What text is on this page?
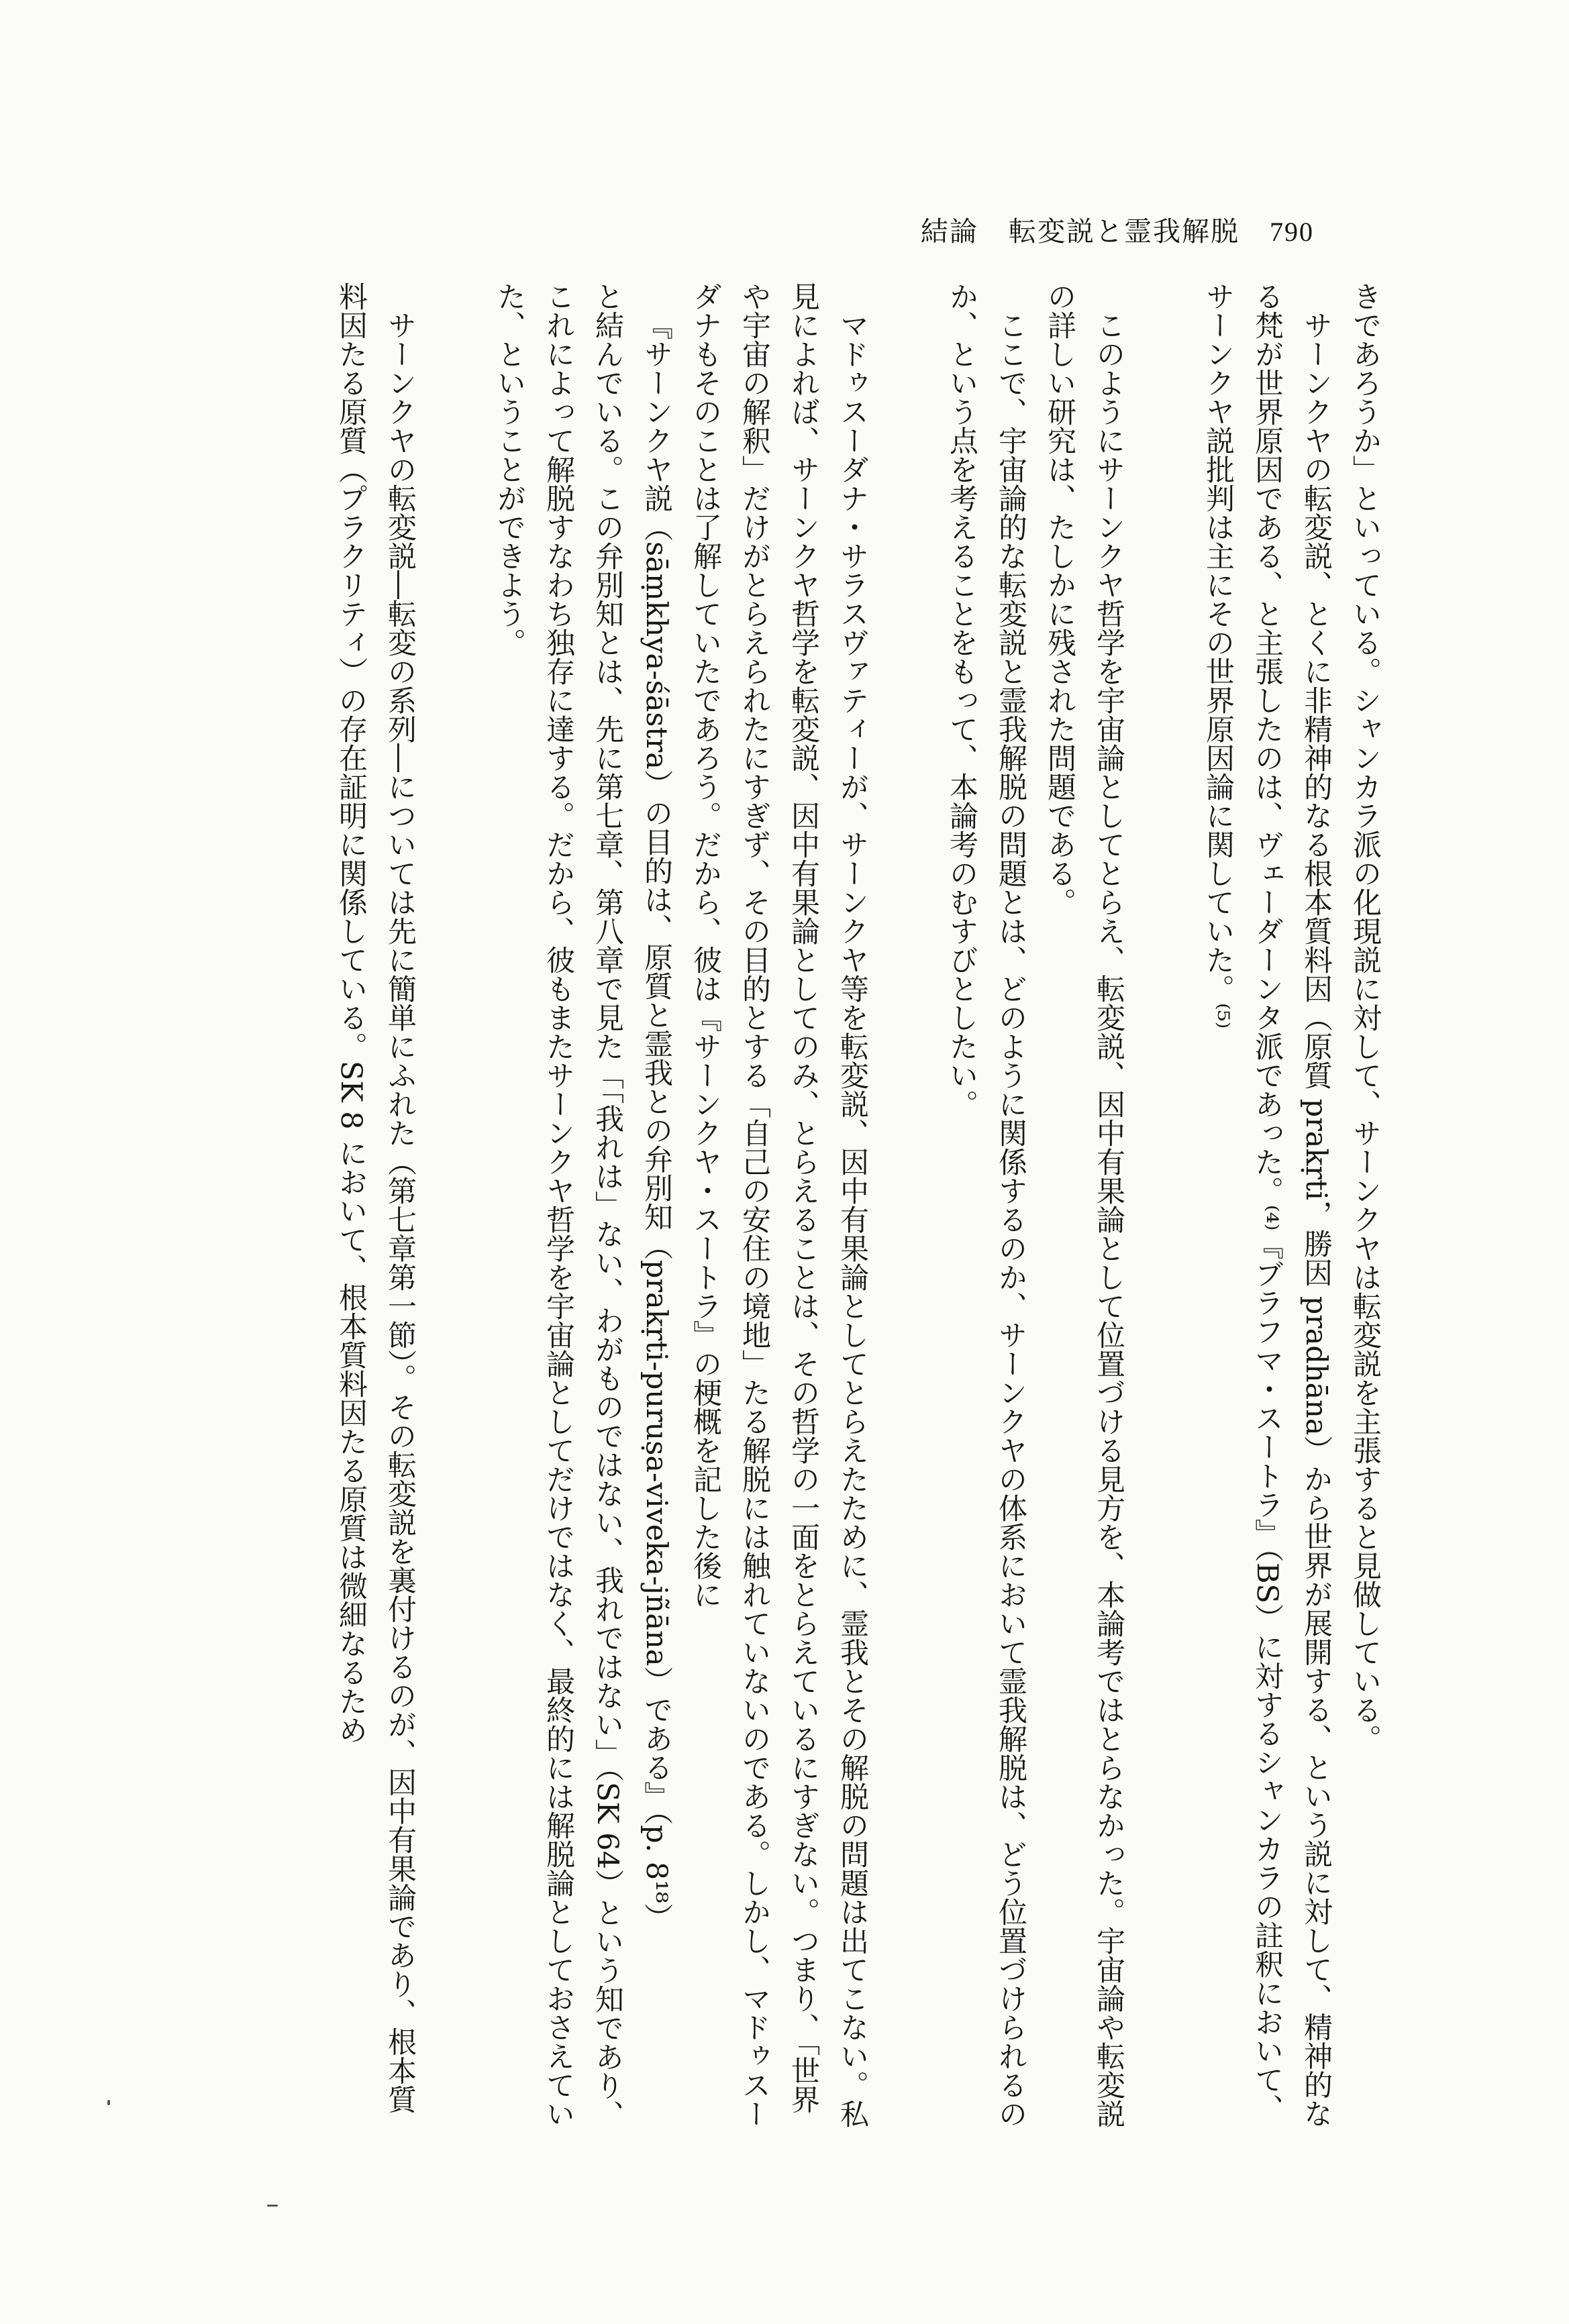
結論 転変説と霊我解脱 790

きであろうか」といっている。シャンカラ派の化現説に対して、サーンクヤは転変説を主張すると見做している。

サーンクヤの転変説、とくに非精神的なる根本質料因（原質 prakṛti，勝因 pradhāna）から世界が展開する、という説に対して、精神的なる梵が世界原因である、と主張したのは、ヴェーダーンタ派であった。⁽⁴⁾『ブラフマ・スートラ』（BS）に対するシャンカラの註釈において、サーンクヤ説批判は主にその世界原因論に関していた。⁽⁵⁾

このようにサーンクヤ哲学を宇宙論としてとらえ、転変説、因中有果論として位置づける見方を、本論考ではとらなかった。宇宙論や転変説の詳しい研究は、たしかに残された問題である。

ここで、宇宙論的な転変説と霊我解脱の問題とは、どのように関係するのか、サーンクヤの体系において霊我解脱は、どう位置づけられるのか、という点を考えることをもって、本論考のむすびとしたい。

マドゥスーダナ・サラスヴァティーが、サーンクヤ等を転変説、因中有果論としてとらえたために、霊我とその解脱の問題は出てこない。私見によれば、サーンクヤ哲学を転変説、因中有果論としてのみ、とらえることは、その哲学の一面をとらえているにすぎない。つまり、「世界や宇宙の解釈」だけがとらえられたにすぎず、その目的とする「自己の安住の境地」たる解脱には触れていないのである。しかし、マドゥスーダナもそのことは了解していたであろう。だから、彼は『サーンクヤ・スートラ』の梗概を記した後に

『サーンクヤ説（sāṃkhya-śāstra）の目的は、原質と霊我との弁別知（prakṛti-puruṣa-viveka-jñāna）である』（p. 8¹⁸）

と結んでいる。この弁別知とは、先に第七章、第八章で見た「「我れは」ない、わがものではない、我れではない」（SK 64）という知であり、これによって解脱すなわち独存に達する。だから、彼もまたサーンクヤ哲学を宇宙論としてだけではなく、最終的には解脱論としておさえていた、ということができよう。

サーンクヤの転変説―転変の系列―については先に簡単にふれた（第七章第一節）。その転変説を裏付けるのが、因中有果論であり、根本質料因たる原質（プラクリティ）の存在証明に関係している。SK 8 において、根本質料因たる原質は微細なるため
